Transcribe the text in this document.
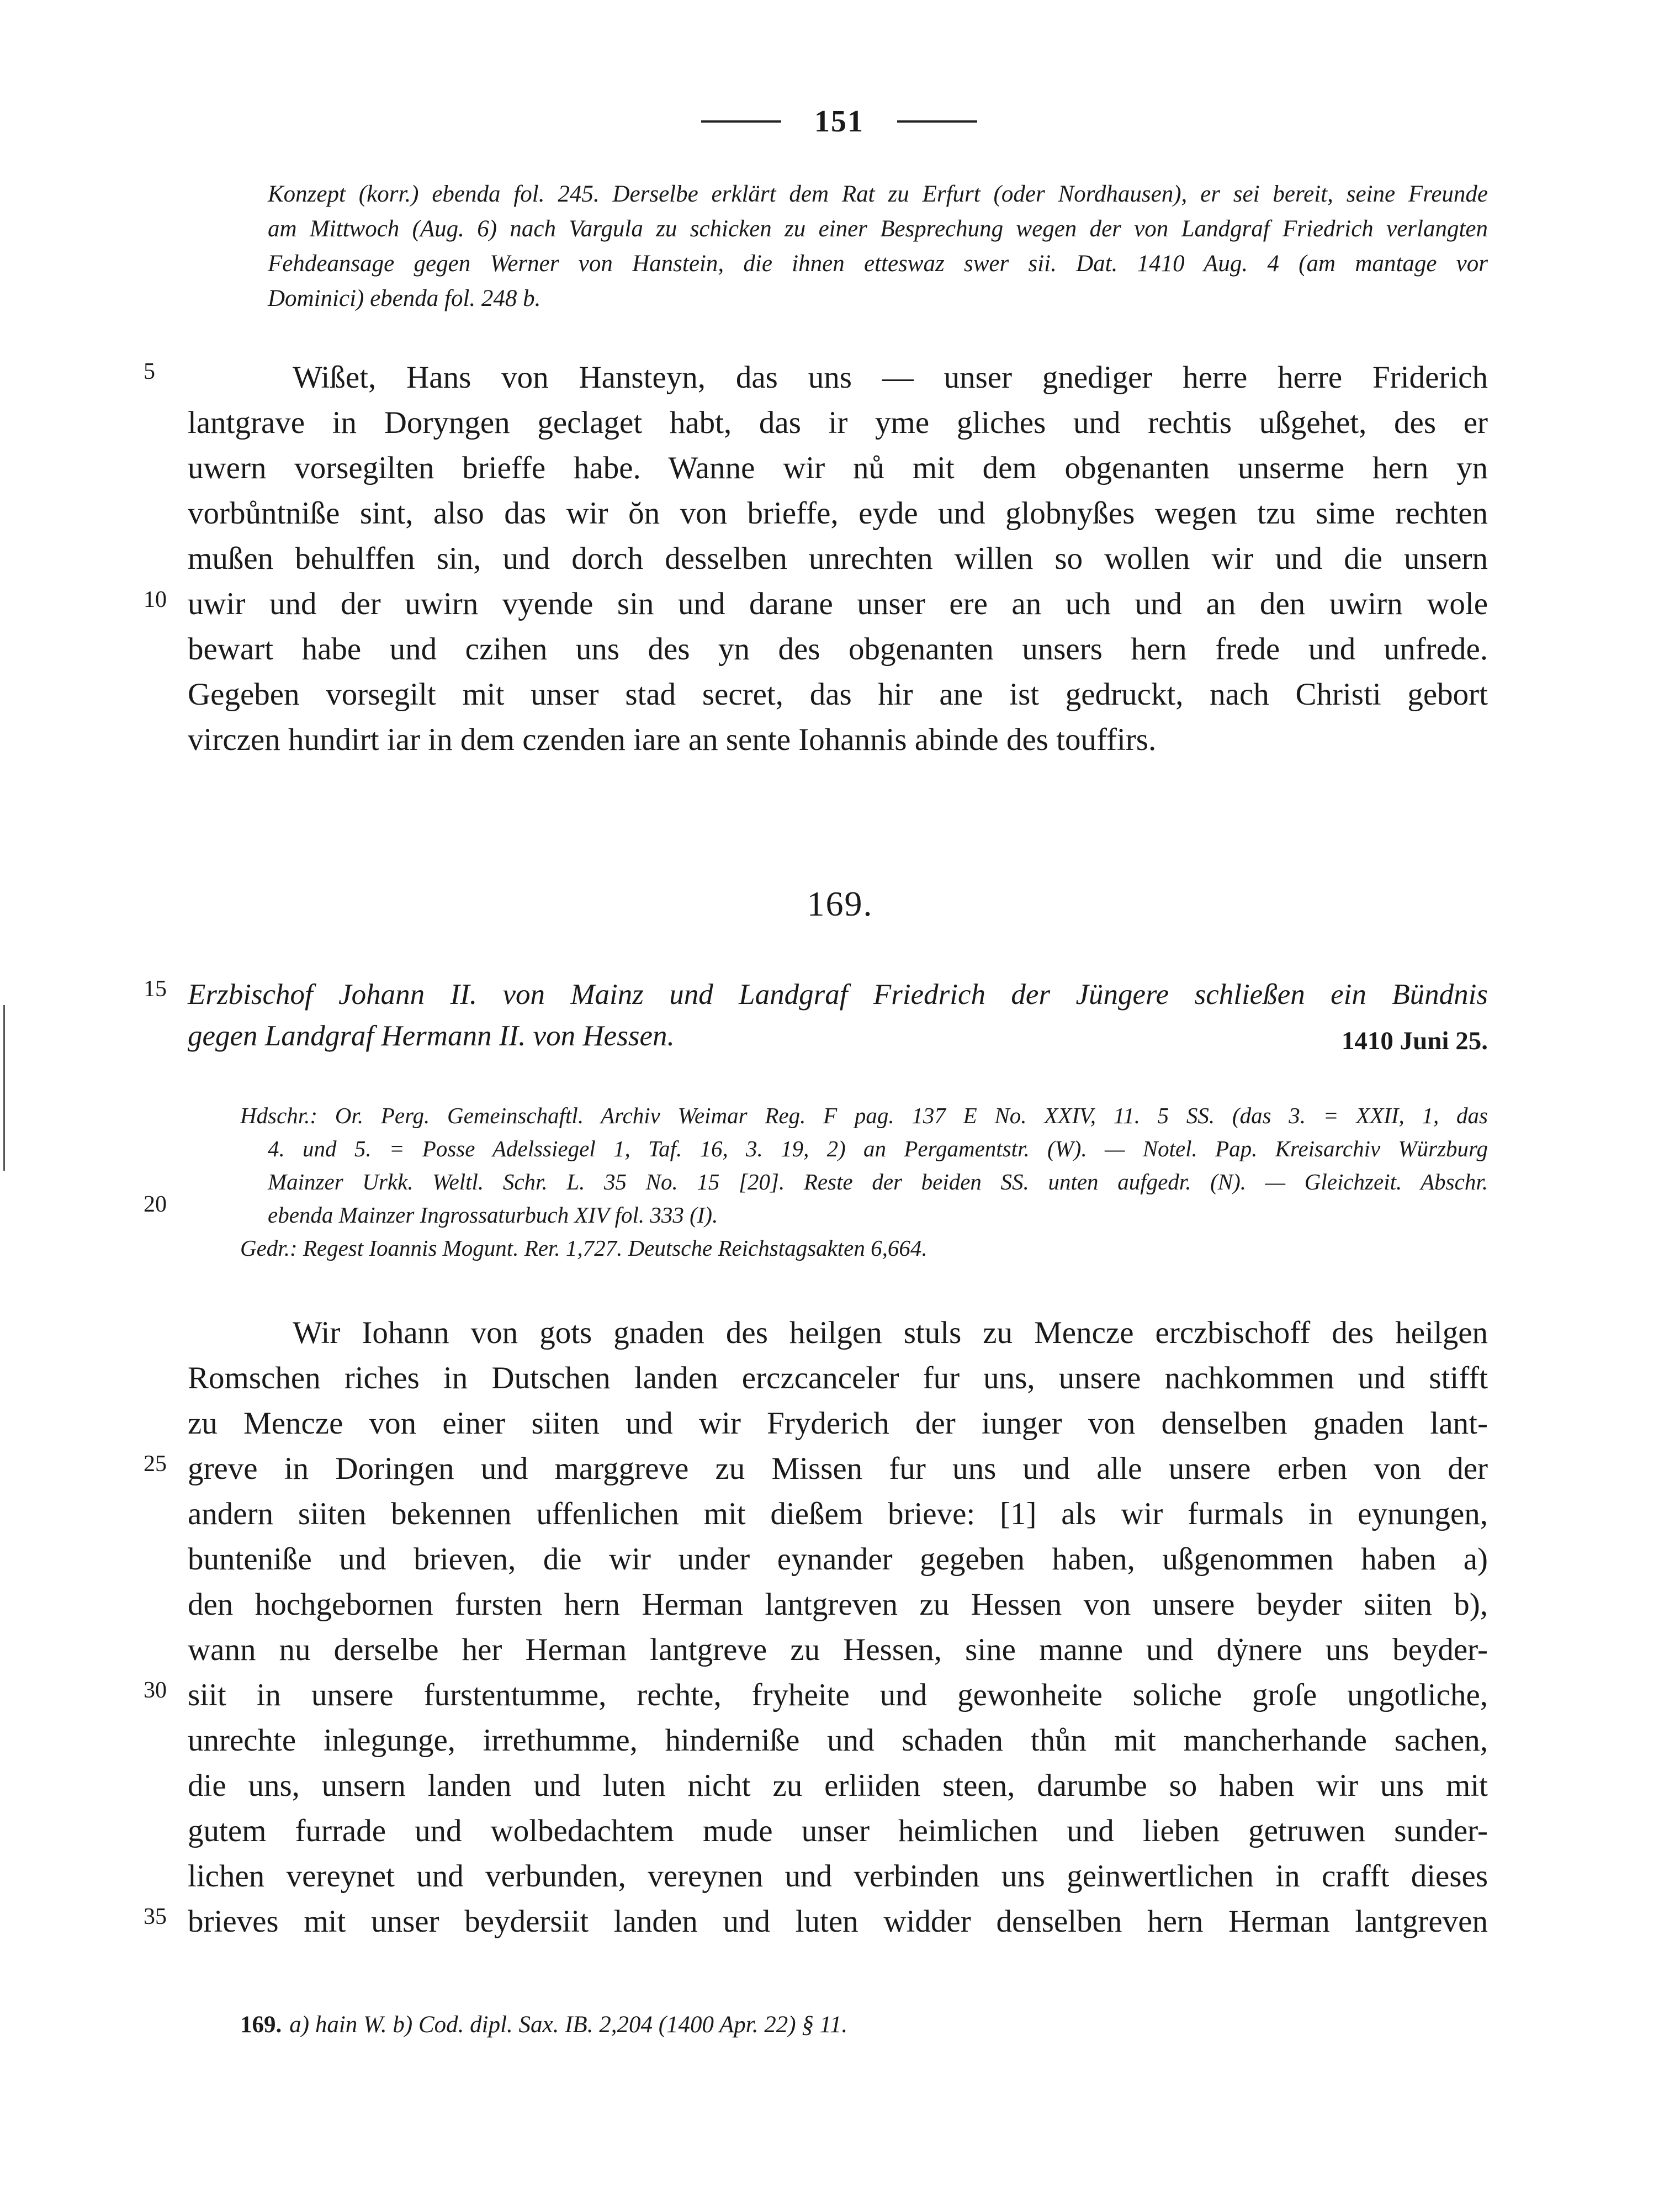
151
Konzept (korr.) ebenda fol. 245. Derselbe erklärt dem Rat zu Erfurt (oder Nordhausen), er sei bereit, seine Freunde
am Mittwoch (Aug. 6) nach Vargula zu schicken zu einer Besprechung wegen der von Landgraf Friedrich verlangten
Fehdeansage gegen Werner von Hanstein, die ihnen etteswaz swer sii. Dat. 1410 Aug. 4 (am mantage vor
Dominici) ebenda fol. 248 b.
5
10
15
20
25
30
35
Wißet, Hans von Hansteyn, das uns — unser gnediger herre herre Friderich
lantgrave in Doryngen geclaget habt, das ir yme gliches und rechtis ußgehet, des er
uwern vorsegilten brieffe habe. Wanne wir nů mit dem obgenanten unserme hern yn
vorbůntniße sint, also das wir ŏn von brieffe, eyde und globnyßes wegen tzu sime rechten
mußen behulffen sin, und dorch desselben unrechten willen so wollen wir und die unsern
uwir und der uwirn vyende sin und darane unser ere an uch und an den uwirn wole
bewart habe und czihen uns des yn des obgenanten unsers hern frede und unfrede.
Gegeben vorsegilt mit unser stad secret, das hir ane ist gedruckt, nach Christi gebort
virczen hundirt iar in dem czenden iare an sente Iohannis abinde des touffirs.
169.
Erzbischof Johann II. von Mainz und Landgraf Friedrich der Jüngere schließen ein Bündnis
gegen Landgraf Hermann II. von Hessen.	1410 Juni 25.
Hdschr.: Or. Perg. Gemeinschaftl. Archiv Weimar Reg. F pag. 137 E No. XXIV, 11. 5 SS. (das 3. = XXII, 1, das
4. und 5. = Posse Adelssiegel 1, Taf. 16, 3. 19, 2) an Pergamentstr. (W). — Notel. Pap. Kreisarchiv Würzburg
Mainzer Urkk. Weltl. Schr. L. 35 No. 15 [20]. Reste der beiden SS. unten aufgedr. (N). — Gleichzeit. Abschr.
ebenda Mainzer Ingrossaturbuch XIV fol. 333 (I).
Gedr.: Regest Ioannis Mogunt. Rer. 1,727. Deutsche Reichstagsakten 6,664.
Wir Iohann von gots gnaden des heilgen stuls zu Mencze erczbischoff des heilgen
Romschen riches in Dutschen landen erczcanceler fur uns, unsere nachkommen und stifft
zu Mencze von einer siiten und wir Fryderich der iunger von denselben gnaden lant-
greve in Doringen und marggreve zu Missen fur uns und alle unsere erben von der
andern siiten bekennen uffenlichen mit dießem brieve: [1] als wir furmals in eynungen,
bunteniße und brieven, die wir under eynander gegeben haben, ußgenommen haben a)
den hochgebornen fursten hern Herman lantgreven zu Hessen von unsere beyder siiten b),
wann nu derselbe her Herman lantgreve zu Hessen, sine manne und dẏnere uns beyder-
siit in unsere furstentumme, rechte, fryheite und gewonheite soliche groſe ungotliche,
unrechte inlegunge, irrethumme, hinderniße und schaden thůn mit mancherhande sachen,
die uns, unsern landen und luten nicht zu erliiden steen, darumbe so haben wir uns mit
gutem furrade und wolbedachtem mude unser heimlichen und lieben getruwen sunder-
lichen vereynet und verbunden, vereynen und verbinden uns geinwertlichen in crafft dieses
brieves mit unser beydersiit landen und luten widder denselben hern Herman lantgreven
169. a) hain W. b) Cod. dipl. Sax. IB. 2,204 (1400 Apr. 22) § 11.
